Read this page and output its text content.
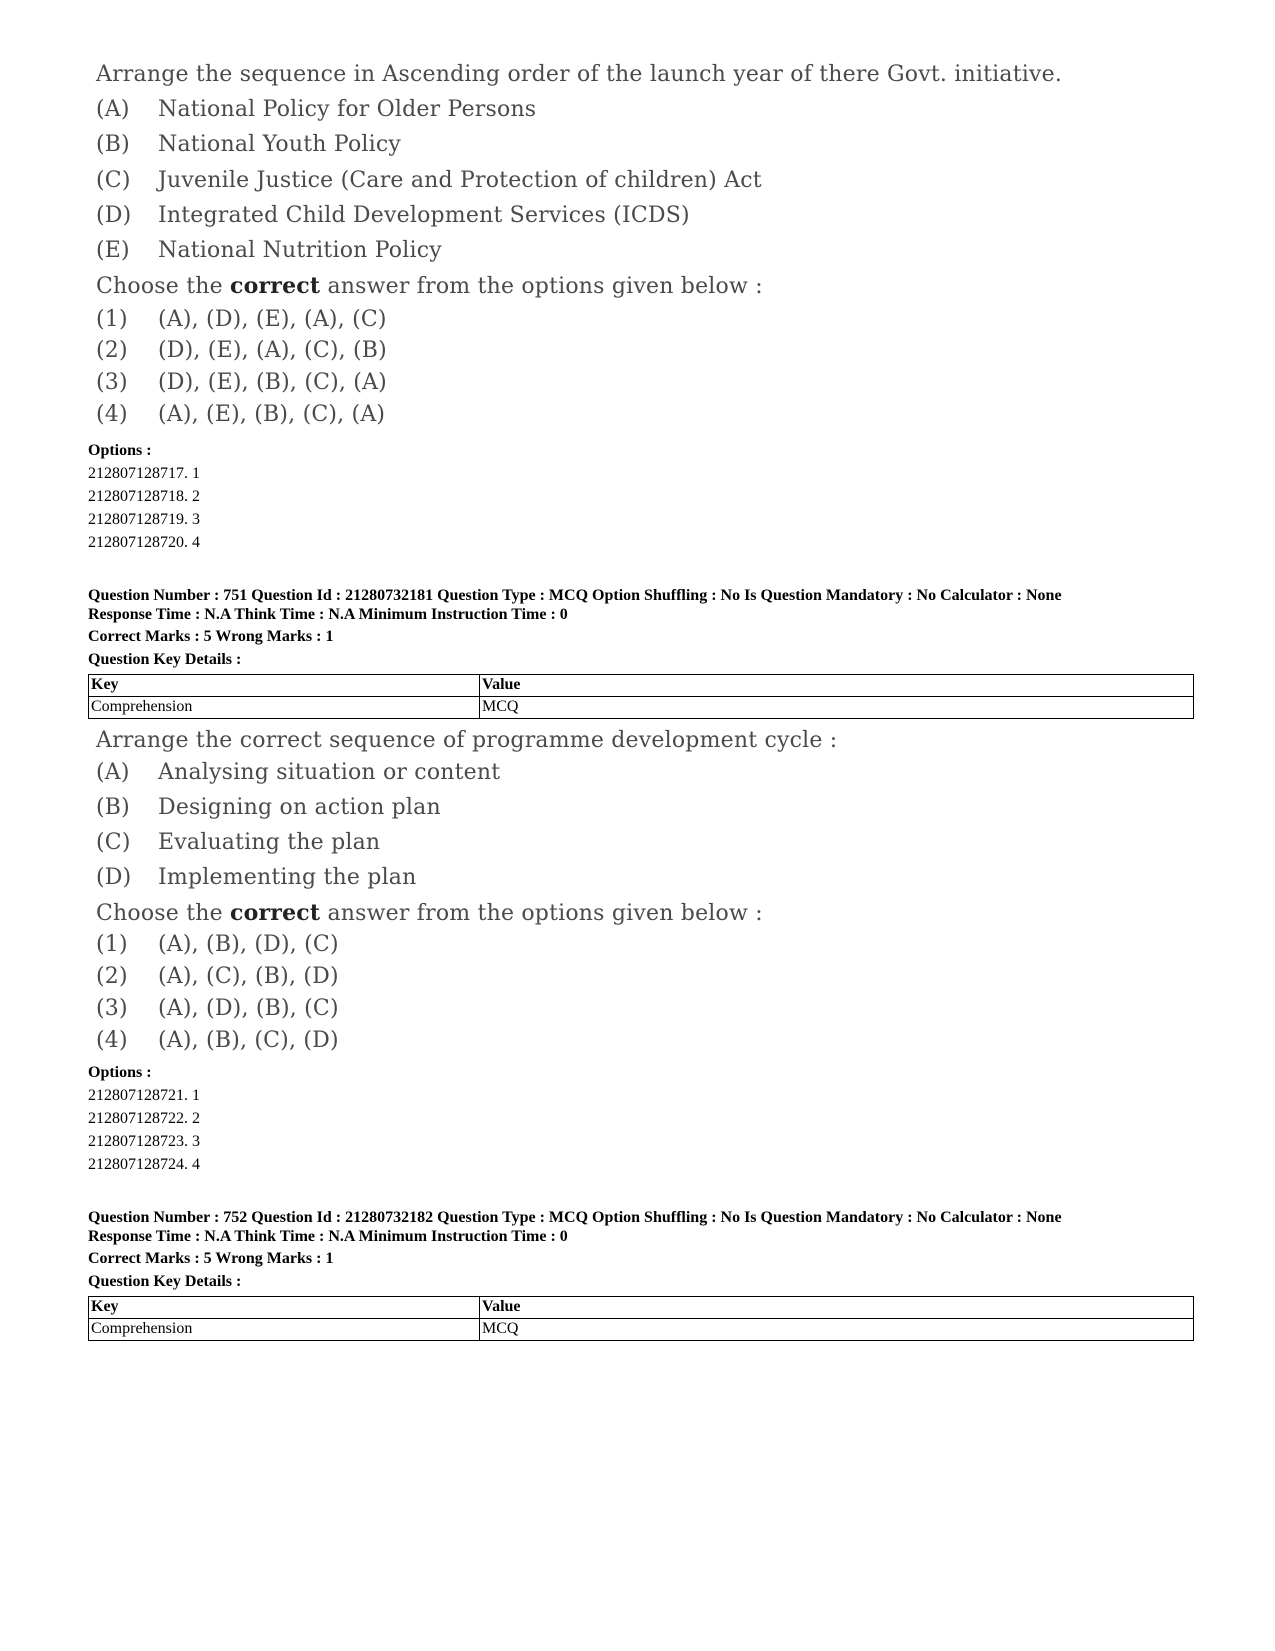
Arrange the sequence in Ascending order of the launch year of there Govt. initiative.
(A) National Policy for Older Persons
(B) National Youth Policy
(C) Juvenile Justice (Care and Protection of children) Act
(D) Integrated Child Development Services (ICDS)
(E) National Nutrition Policy
Choose the correct answer from the options given below :
(1) (A), (D), (E), (A), (C)
(2) (D), (E), (A), (C), (B)
(3) (D), (E), (B), (C), (A)
(4) (A), (E), (B), (C), (A)
Options :
212807128717. 1
212807128718. 2
212807128719. 3
212807128720. 4
Question Number : 751 Question Id : 21280732181 Question Type : MCQ Option Shuffling : No Is Question Mandatory : No Calculator : None
Response Time : N.A Think Time : N.A Minimum Instruction Time : 0
Correct Marks : 5 Wrong Marks : 1
Question Key Details :
Key	Value
Comprehension	MCQ
Arrange the correct sequence of programme development cycle :
(A) Analysing situation or content
(B) Designing on action plan
(C) Evaluating the plan
(D) Implementing the plan
Choose the correct answer from the options given below :
(1) (A), (B), (D), (C)
(2) (A), (C), (B), (D)
(3) (A), (D), (B), (C)
(4) (A), (B), (C), (D)
Options :
212807128721. 1
212807128722. 2
212807128723. 3
212807128724. 4
Question Number : 752 Question Id : 21280732182 Question Type : MCQ Option Shuffling : No Is Question Mandatory : No Calculator : None
Response Time : N.A Think Time : N.A Minimum Instruction Time : 0
Correct Marks : 5 Wrong Marks : 1
Question Key Details :
Key	Value
Comprehension	MCQ
